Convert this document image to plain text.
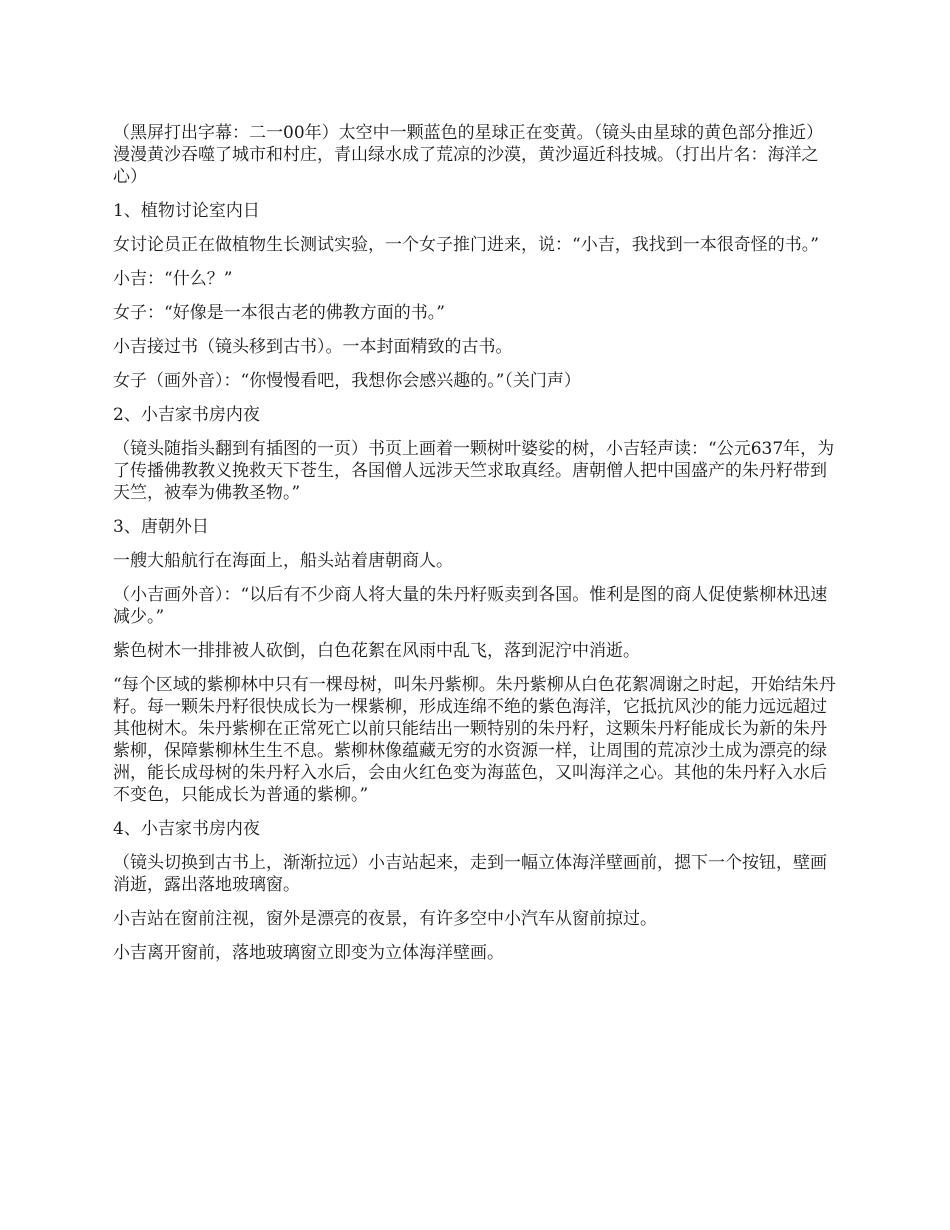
（黑屏打出字幕：二一00年）太空中一颗蓝色的星球正在变黄。（镜头由星球的黄色部分推近）漫漫黄沙吞噬了城市和村庄，青山绿水成了荒凉的沙漠，黄沙逼近科技城。（打出片名：海洋之心）

1、植物讨论室内日

女讨论员正在做植物生长测试实验，一个女子推门进来，说：“小吉，我找到一本很奇怪的书。”

小吉：“什么？”

女子：“好像是一本很古老的佛教方面的书。”

小吉接过书（镜头移到古书）。一本封面精致的古书。

女子（画外音）：“你慢慢看吧，我想你会感兴趣的。”（关门声）

2、小吉家书房内夜

（镜头随指头翻到有插图的一页）书页上画着一颗树叶婆娑的树，小吉轻声读：“公元637年，为了传播佛教教义挽救天下苍生，各国僧人远涉天竺求取真经。唐朝僧人把中国盛产的朱丹籽带到天竺，被奉为佛教圣物。”

3、唐朝外日

一艘大船航行在海面上，船头站着唐朝商人。

（小吉画外音）：“以后有不少商人将大量的朱丹籽贩卖到各国。惟利是图的商人促使紫柳林迅速减少。”

紫色树木一排排被人砍倒，白色花絮在风雨中乱飞，落到泥泞中消逝。

“每个区域的紫柳林中只有一棵母树，叫朱丹紫柳。朱丹紫柳从白色花絮凋谢之时起，开始结朱丹籽。每一颗朱丹籽很快成长为一棵紫柳，形成连绵不绝的紫色海洋，它抵抗风沙的能力远远超过其他树木。朱丹紫柳在正常死亡以前只能结出一颗特别的朱丹籽，这颗朱丹籽能成长为新的朱丹紫柳，保障紫柳林生生不息。紫柳林像蕴藏无穷的水资源一样，让周围的荒凉沙土成为漂亮的绿洲，能长成母树的朱丹籽入水后，会由火红色变为海蓝色，又叫海洋之心。其他的朱丹籽入水后不变色，只能成长为普通的紫柳。”

4、小吉家书房内夜

（镜头切换到古书上，渐渐拉远）小吉站起来，走到一幅立体海洋壁画前，摁下一个按钮，壁画消逝，露出落地玻璃窗。

小吉站在窗前注视，窗外是漂亮的夜景，有许多空中小汽车从窗前掠过。

小吉离开窗前，落地玻璃窗立即变为立体海洋壁画。
